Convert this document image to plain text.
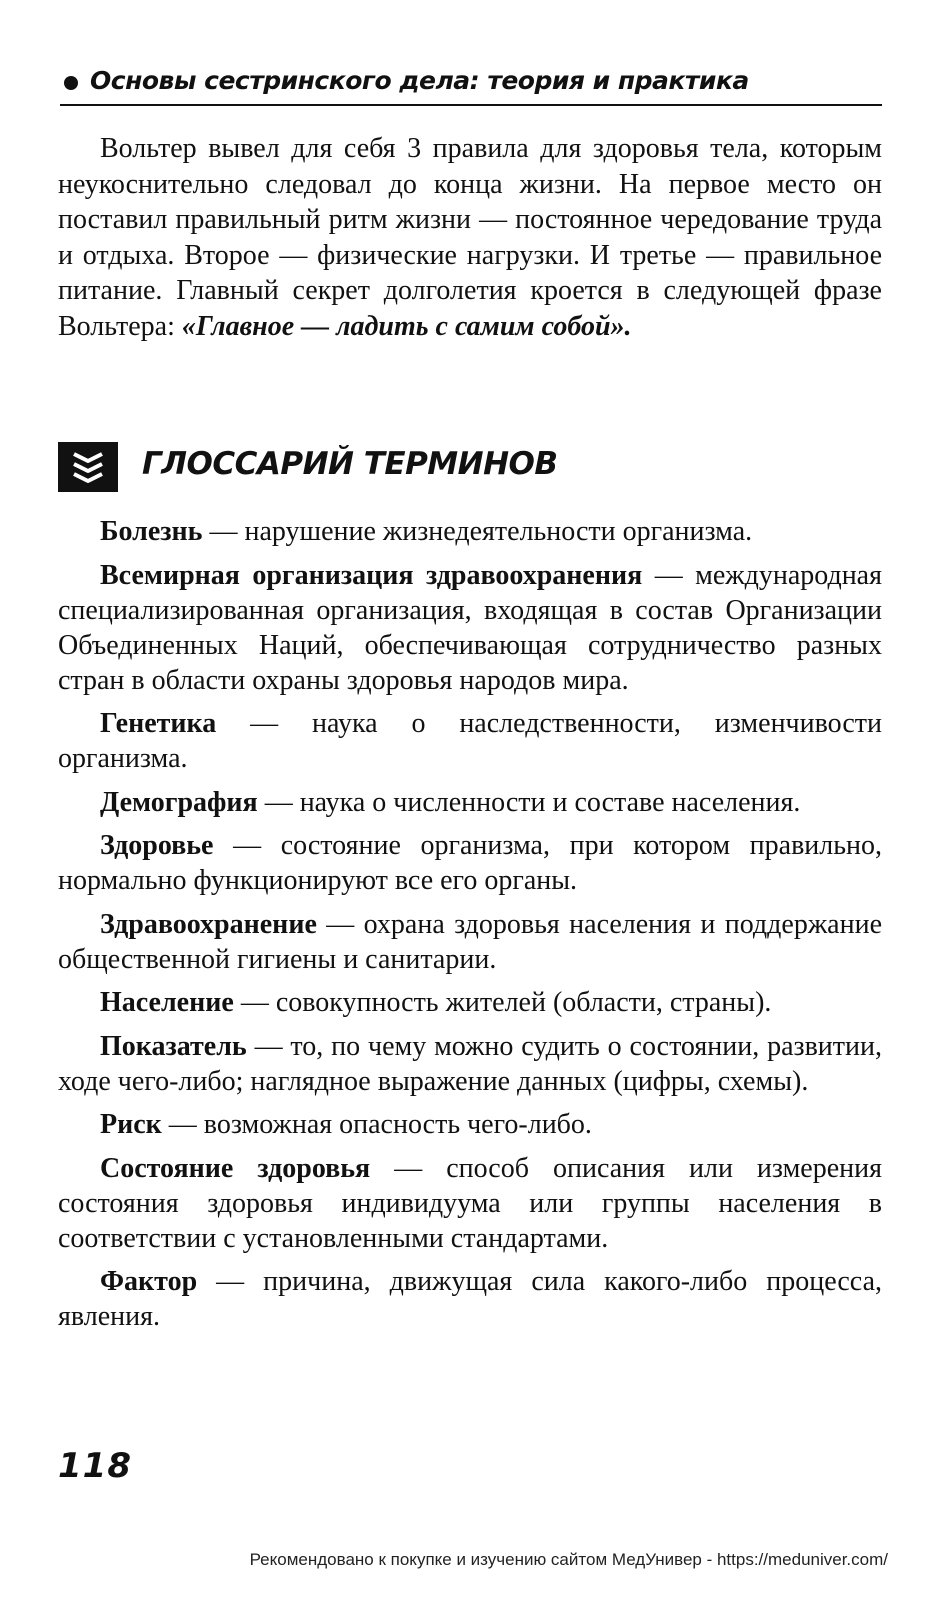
Основы сестринского дела: теория и практика

Вольтер вывел для себя 3 правила для здоровья тела, которым неукоснительно следовал до конца жизни. На первое место он поставил правильный ритм жизни — постоянное чередование труда и отдыха. Второе — физические нагрузки. И третье — правильное питание. Главный секрет долголетия кроется в следующей фразе Вольтера: «Главное — ладить с самим собой».

ГЛОССАРИЙ ТЕРМИНОВ

Болезнь — нарушение жизнедеятельности организма.

Всемирная организация здравоохранения — международная специализированная организация, входящая в состав Организации Объединенных Наций, обеспечивающая сотрудничество разных стран в области охраны здоровья народов мира.

Генетика — наука о наследственности, изменчивости организма.

Демография — наука о численности и составе населения.

Здоровье — состояние организма, при котором правильно, нормально функционируют все его органы.

Здравоохранение — охрана здоровья населения и поддержание общественной гигиены и санитарии.

Население — совокупность жителей (области, страны).

Показатель — то, по чему можно судить о состоянии, развитии, ходе чего-либо; наглядное выражение данных (цифры, схемы).

Риск — возможная опасность чего-либо.

Состояние здоровья — способ описания или измерения состояния здоровья индивидуума или группы населения в соответствии с установленными стандартами.

Фактор — причина, движущая сила какого-либо процесса, явления.

118
Рекомендовано к покупке и изучению сайтом МедУнивер - https://meduniver.com/
